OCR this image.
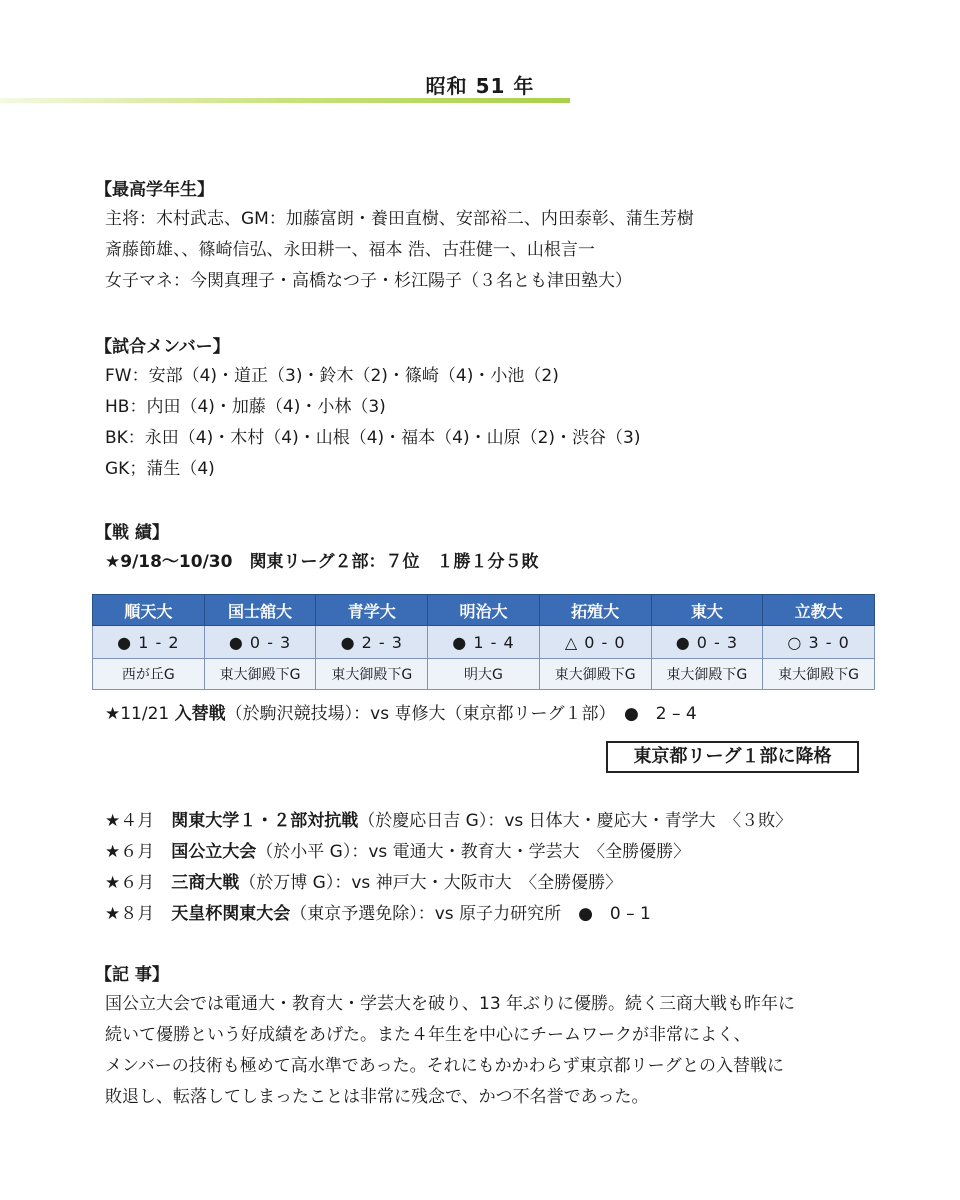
昭和 51 年
【最高学年生】
主将：木村武志、GM：加藤富朗・養田直樹、安部裕二、内田泰彰、蒲生芳樹
斎藤節雄、、篠崎信弘、永田耕一、福本 浩、古荘健一、山根言一
女子マネ：今関真理子・高橋なつ子・杉江陽子（３名とも津田塾大）
【試合メンバー】
FW：安部（4)・道正（3)・鈴木（2)・篠崎（4)・小池（2)
HB：内田（4)・加藤（4)・小林（3)
BK：永田（4)・木村（4)・山根（4)・福本（4)・山原（2)・渋谷（3)
GK；蒲生（4)
【戦 績】
★9/18〜10/30　関東リーグ２部：７位　１勝１分５敗
順天大	国士舘大	青学大	明治大	拓殖大	東大	立教大
● 1 - 2	● 0 - 3	● 2 - 3	● 1 - 4	△ 0 - 0	● 0 - 3	○ 3 - 0
西が丘G	東大御殿下G	東大御殿下G	明大G	東大御殿下G	東大御殿下G	東大御殿下G
★11/21 入替戦（於駒沢競技場）：vs 専修大（東京都リーグ１部）　●　2 – 4
東京都リーグ１部に降格
★４月　関東大学１・２部対抗戦（於慶応日吉 G）：vs 日体大・慶応大・青学大　〈３敗〉
★６月　国公立大会（於小平 G）：vs 電通大・教育大・学芸大　〈全勝優勝〉
★６月　三商大戦（於万博 G）：vs 神戸大・大阪市大　〈全勝優勝〉
★８月　天皇杯関東大会（東京予選免除）：vs 原子力研究所　●　0 – 1
【記 事】
国公立大会では電通大・教育大・学芸大を破り、13 年ぶりに優勝。続く三商大戦も昨年に
続いて優勝という好成績をあげた。また４年生を中心にチームワークが非常によく、
メンバーの技術も極めて高水準であった。それにもかかわらず東京都リーグとの入替戦に
敗退し、転落してしまったことは非常に残念で、かつ不名誉であった。
